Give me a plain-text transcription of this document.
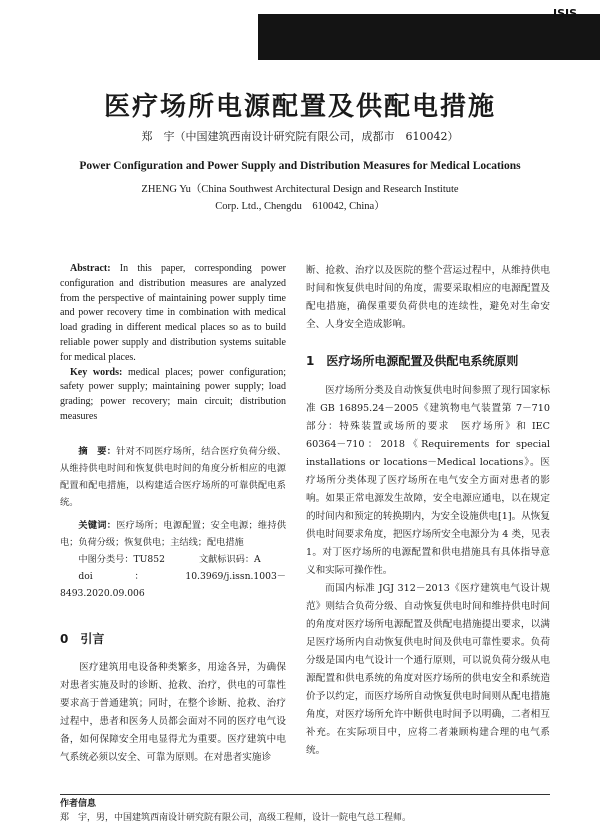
ISIS
医疗场所电源配置及供配电措施
郑　宇（中国建筑西南设计研究院有限公司，成都市　610042）
Power Configuration and Power Supply and Distribution Measures for Medical Locations
ZHENG Yu（China Southwest Architectural Design and Research Institute
Corp. Ltd., Chengdu　610042, China）

Abstract: In this paper, corresponding power configuration and distribution measures are analyzed from the perspective of maintaining power supply time and power recovery time in combination with medical load grading in different medical places so as to build reliable power supply and distribution systems suitable for medical places.

Key words: medical places; power configuration; safety power supply; maintaining power supply; load grading; power recovery; main circuit; distribution measures

摘　要：针对不同医疗场所，结合医疗负荷分级、从维持供电时间和恢复供电时间的角度分析相应的电源配置和配电措施，以构建适合医疗场所的可靠供配电系统。

关键词：医疗场所；电源配置；安全电源；维持供电；负荷分级；恢复供电；主结线；配电措施

中图分类号：TU852	文献标识码：A

doi：10.3969/j.issn.1003－8493.2020.09.006

0　引言

医疗建筑用电设备种类繁多，用途各异，为确保对患者实施及时的诊断、抢救、治疗，供电的可靠性要求高于普通建筑；同时，在整个诊断、抢救、治疗过程中，患者和医务人员都会面对不同的医疗电气设备，如何保障安全用电显得尤为重要。医疗建筑中电气系统必须以安全、可靠为原则。在对患者实施诊

断、抢救、治疗以及医院的整个营运过程中，从维持供电时间和恢复供电时间的角度，需要采取相应的电源配置及配电措施，确保重要负荷供电的连续性，避免对生命安全、人身安全造成影响。

1　医疗场所电源配置及供配电系统原则

医疗场所分类及自动恢复供电时间参照了现行国家标准 GB 16895.24－2005《建筑物电气装置第 7－710 部分：特殊装置或场所的要求　医疗场所》和 IEC 60364－710：2018《Requirements for special installations or locations－Medical locations》。医疗场所分类体现了医疗场所在电气安全方面对患者的影响。如果正常电源发生故障，安全电源应通电，以在规定的时间内和预定的转换期内，为安全设施供电[1]。从恢复供电时间要求角度，把医疗场所安全电源分为 4 类，见表 1。对丁医疗场所的电源配置和供电措施具有具体指导意义和实际可操作性。

而国内标准 JGJ 312－2013《医疗建筑电气设计规范》则结合负荷分级、自动恢复供电时间和维持供电时间的角度对医疗场所电源配置及供配电措施提出要求，以满足医疗场所内自动恢复供电时间及供电可靠性要求。负荷分级是国内电气设计一个通行原则，可以说负荷分级从电源配置和供电系统的角度对医疗场所的供电安全和系统造价予以约定，而医疗场所自动恢复供电时间则从配电措施角度，对医疗场所允许中断供电时间予以明确，二者相互补充。在实际项目中，应将二者兼顾构建合理的电气系统。

作者信息
郑　宇，男，中国建筑西南设计研究院有限公司，高级工程师，设计一院电气总工程师。
